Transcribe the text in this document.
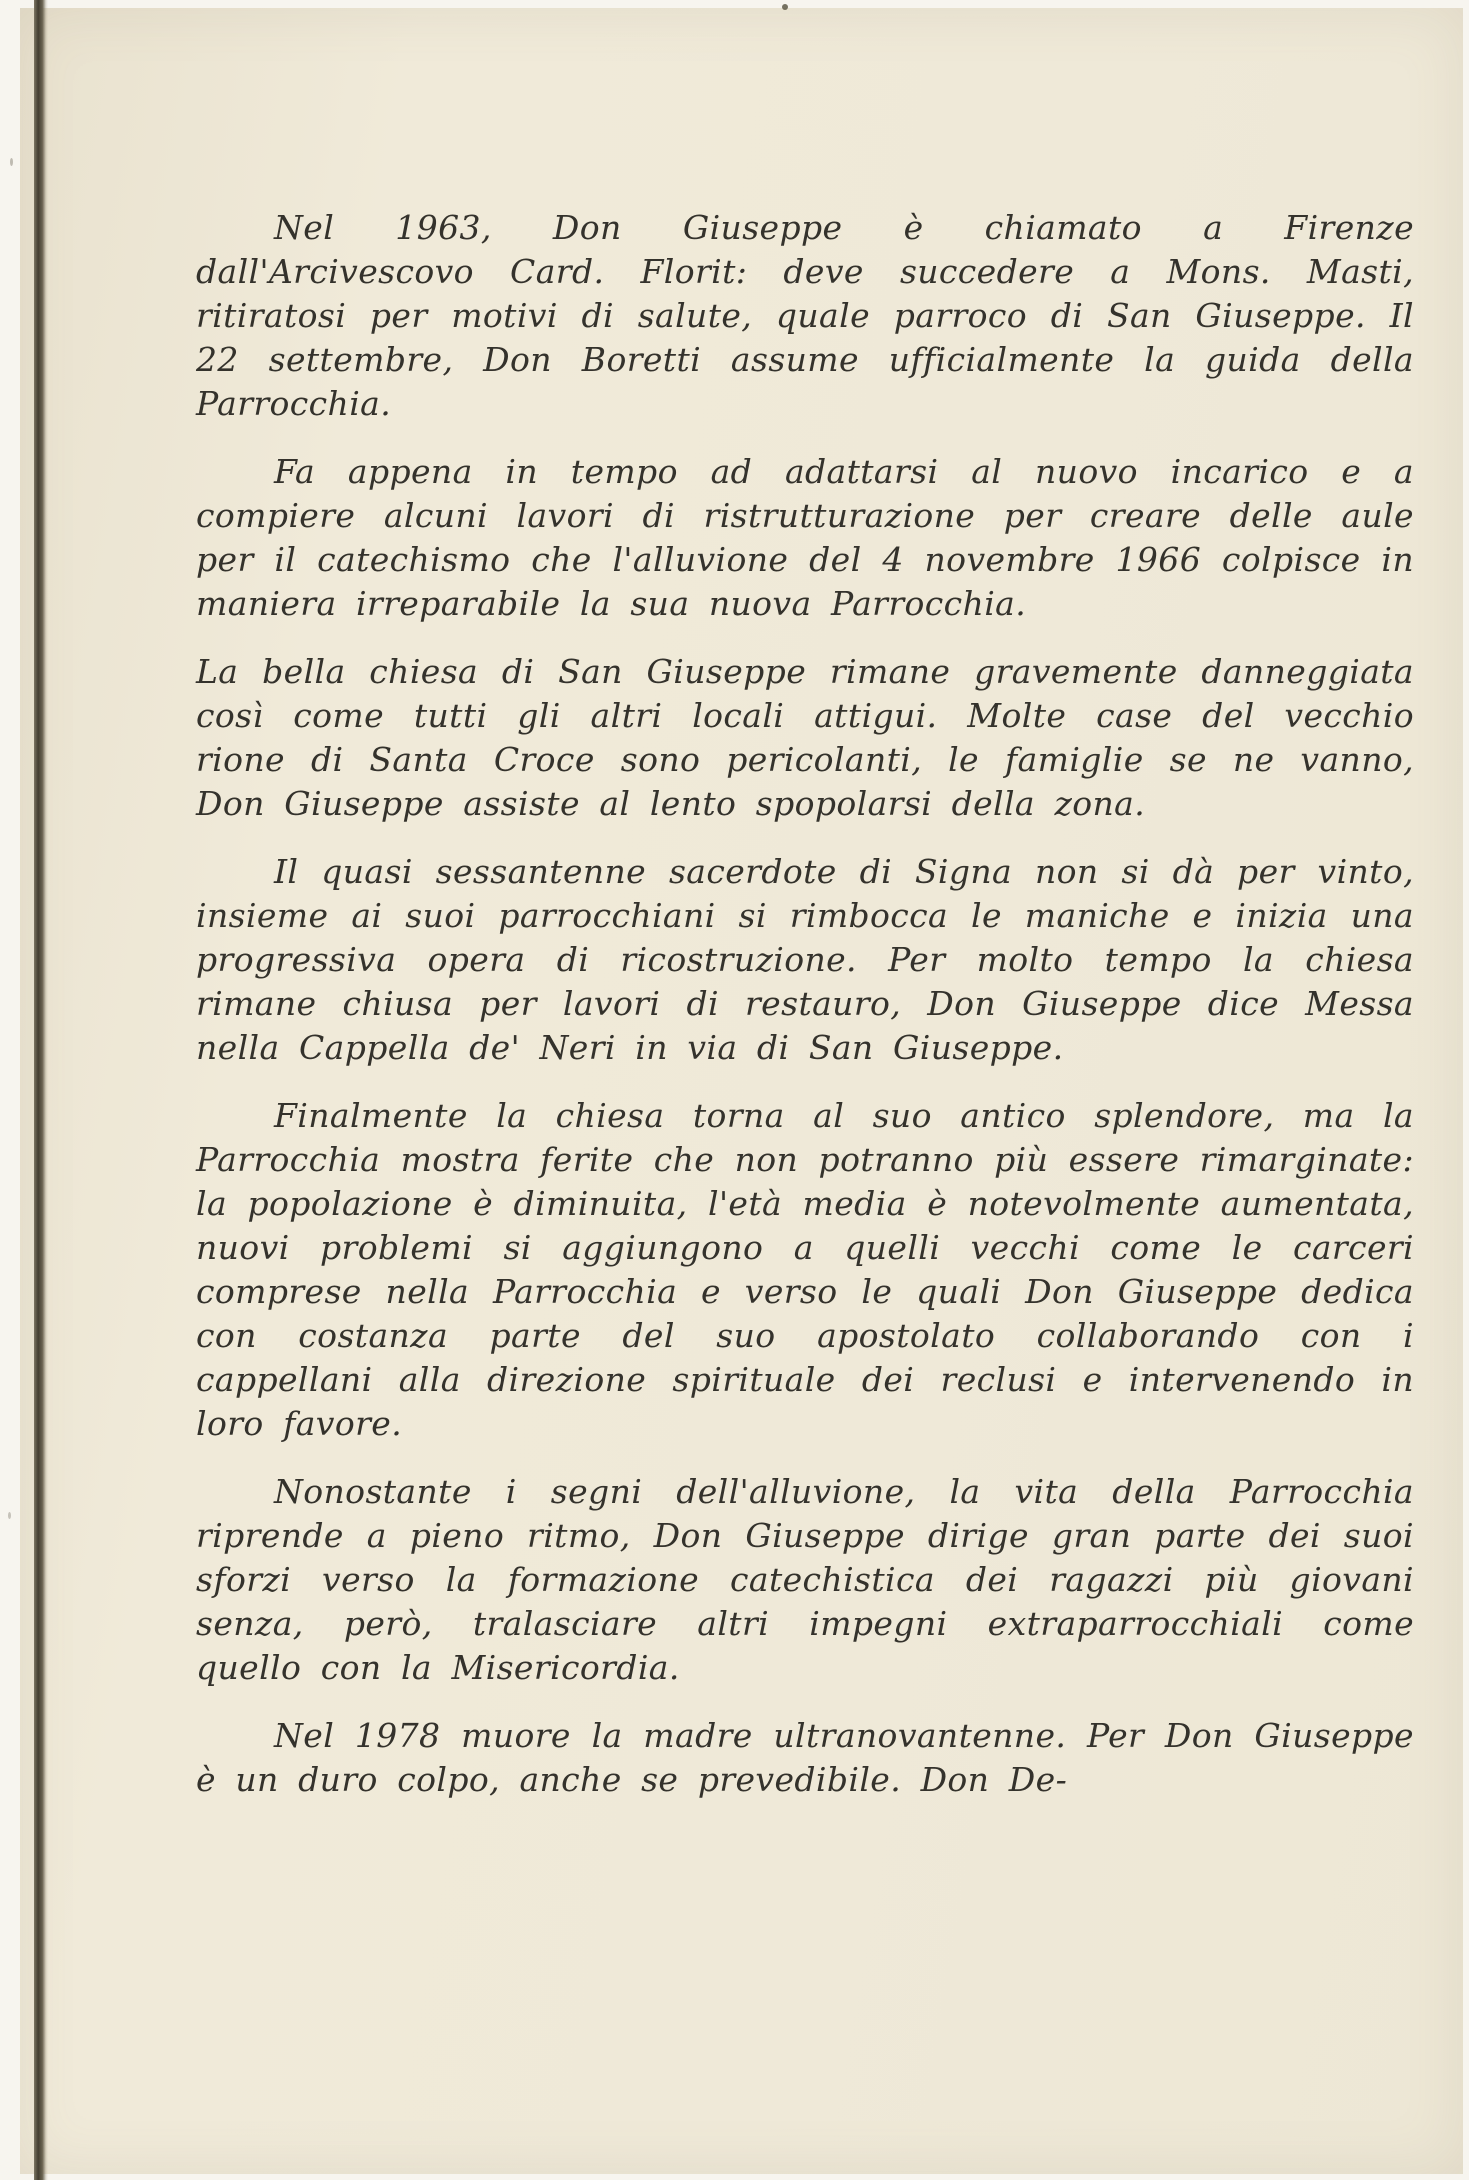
Nel 1963, Don Giuseppe è chiamato a Firenze dall'Arcivescovo Card. Florit: deve succedere a Mons. Masti, ritiratosi per motivi di salute, quale parroco di San Giuseppe. Il 22 settembre, Don Boretti assume ufficialmente la guida della Parrocchia.

Fa appena in tempo ad adattarsi al nuovo incarico e a compiere alcuni lavori di ristrutturazione per creare delle aule per il catechismo che l'alluvione del 4 novembre 1966 colpisce in maniera irreparabile la sua nuova Parrocchia.

La bella chiesa di San Giuseppe rimane gravemente danneggiata così come tutti gli altri locali attigui. Molte case del vecchio rione di Santa Croce sono pericolanti, le famiglie se ne vanno, Don Giuseppe assiste al lento spopolarsi della zona.

Il quasi sessantenne sacerdote di Signa non si dà per vinto, insieme ai suoi parrocchiani si rimbocca le maniche e inizia una progressiva opera di ricostruzione. Per molto tempo la chiesa rimane chiusa per lavori di restauro, Don Giuseppe dice Messa nella Cappella de' Neri in via di San Giuseppe.

Finalmente la chiesa torna al suo antico splendore, ma la Parrocchia mostra ferite che non potranno più essere rimarginate: la popolazione è diminuita, l'età media è notevolmente aumentata, nuovi problemi si aggiungono a quelli vecchi come le carceri comprese nella Parrocchia e verso le quali Don Giuseppe dedica con costanza parte del suo apostolato collaborando con i cappellani alla direzione spirituale dei reclusi e intervenendo in loro favore.

Nonostante i segni dell'alluvione, la vita della Parrocchia riprende a pieno ritmo, Don Giuseppe dirige gran parte dei suoi sforzi verso la formazione catechistica dei ragazzi più giovani senza, però, tralasciare altri impegni extraparrocchiali come quello con la Misericordia.

Nel 1978 muore la madre ultranovantenne. Per Don Giuseppe è un duro colpo, anche se prevedibile. Don De-
